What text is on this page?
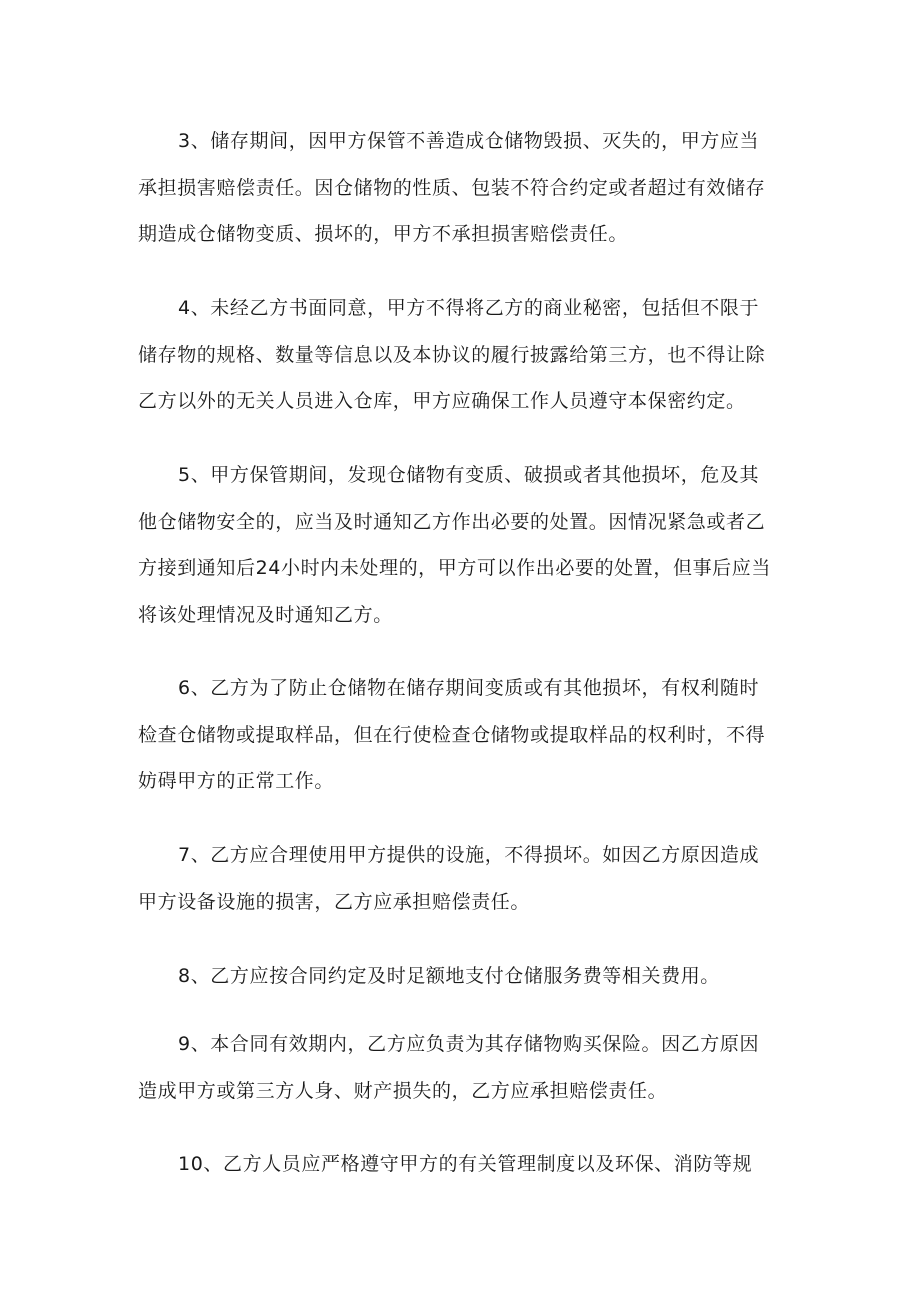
3、储存期间，因甲方保管不善造成仓储物毁损、灭失的，甲方应当承担损害赔偿责任。因仓储物的性质、包装不符合约定或者超过有效储存期造成仓储物变质、损坏的，甲方不承担损害赔偿责任。

4、未经乙方书面同意，甲方不得将乙方的商业秘密，包括但不限于储存物的规格、数量等信息以及本协议的履行披露给第三方，也不得让除乙方以外的无关人员进入仓库，甲方应确保工作人员遵守本保密约定。

5、甲方保管期间，发现仓储物有变质、破损或者其他损坏，危及其他仓储物安全的，应当及时通知乙方作出必要的处置。因情况紧急或者乙方接到通知后24小时内未处理的，甲方可以作出必要的处置，但事后应当将该处理情况及时通知乙方。

6、乙方为了防止仓储物在储存期间变质或有其他损坏，有权利随时检查仓储物或提取样品，但在行使检查仓储物或提取样品的权利时，不得妨碍甲方的正常工作。

7、乙方应合理使用甲方提供的设施，不得损坏。如因乙方原因造成甲方设备设施的损害，乙方应承担赔偿责任。

8、乙方应按合同约定及时足额地支付仓储服务费等相关费用。

9、本合同有效期内，乙方应负责为其存储物购买保险。因乙方原因造成甲方或第三方人身、财产损失的，乙方应承担赔偿责任。

10、乙方人员应严格遵守甲方的有关管理制度以及环保、消防等规
